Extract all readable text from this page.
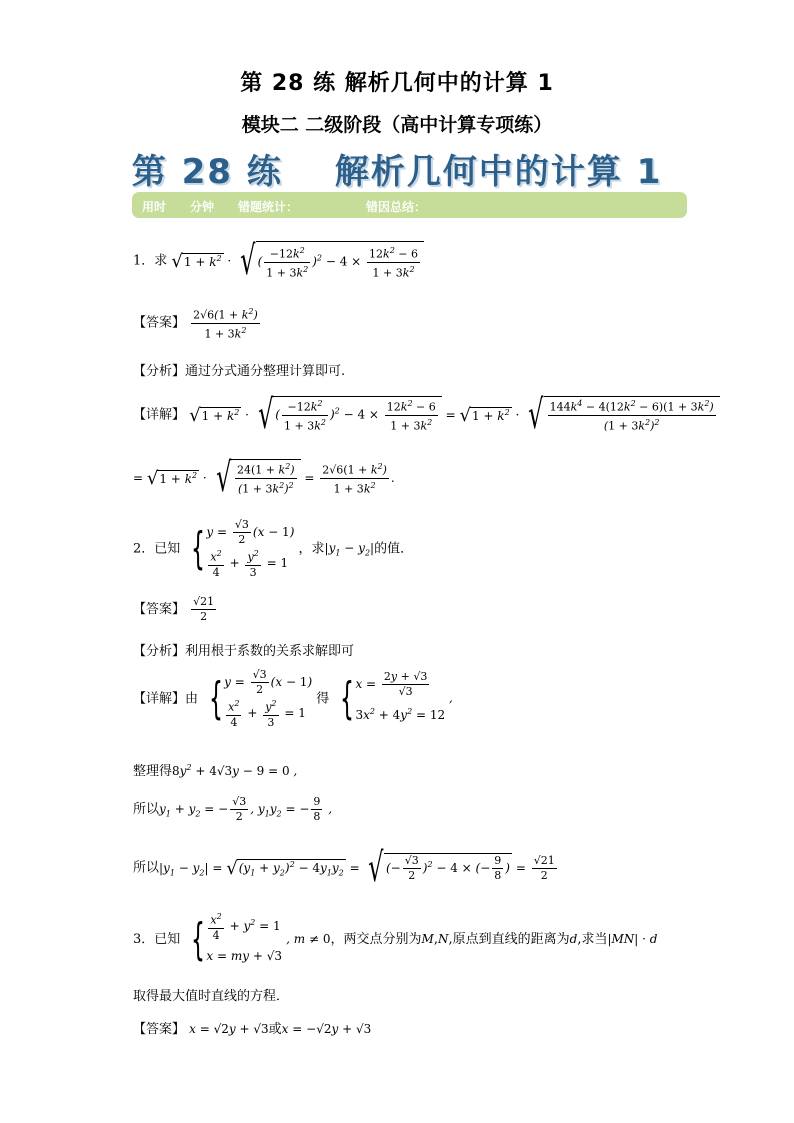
第 28 练 解析几何中的计算 1
模块二 二级阶段（高中计算专项练）
第 28 练 解析几何中的计算 1
用时 分钟 错题统计：	错因总结：
1．求 $√1 + k^2$ · √ ( $\frac{-12k^2}{1 + 3k^2} )^2 - 4 \times \frac{12k^2 - 6}{1 + 3k^2}$
【答案】 $\frac{2√6(1 + k^2)}{1 + 3k^2}$
【分析】通过分式通分整理计算即可.
【详解】 $√1 + k^2$ · √ ( $\frac{-12k^2}{1 + 3k^2} )^2 - 4 \times \frac{12k^2 - 6}{1 + 3k^2} = √1 + k^2$ · √ $\frac{144k^4 - 4(12k^2 - 6)(1 + 3k^2)}{(1 + 3k^2)^2}$
= $√1 + k^2$ · √ $\frac{24(1 + k^2)}{(1 + 3k^2)^2} = \frac{2√6(1 + k^2)}{1 + 3k^2}$ .
2．已知 { $y = \frac{√3}{2} (x - 1)$
$\frac{x^2}{4} + \frac{y^2}{3} = 1$
，求$|y_1 - y_2|$的值．
【答案】 $\frac{√21}{2}$
【分析】利用根于系数的关系求解即可
【详解】由 { $y = \frac{√3}{2} (x - 1)$
$\frac{x^2}{4} + \frac{y^2}{3} = 1$
得 { $x = \frac{2y + √3}{√3}$
$3x^2 + 4y^2 = 12$
,
整理得$8y^2 + 4√3y - 9 = 0$ ,
所以$y_1 + y_2$ = − $\frac{√3}{2}$ , $y_1y_2$ = − $\frac{9}{8}$ ,
所以$|y_1 - y_2| = √(y_1 + y_2)^2 - 4y_1y_2$ = √ (− $\frac{√3}{2} )^2 - 4$ × (− $\frac{9}{8}$ ) = $\frac{√21}{2}$
3．已知 { $\frac{x^2}{4} + y^2 = 1$
x = my + √3
, m ≠ 0，两交点分别为M,N,原点到直线的距离为d,求当|MN| · d
取得最大值时直线的方程．
【答案】 x = √2y + √3或x = −√2y + √3
